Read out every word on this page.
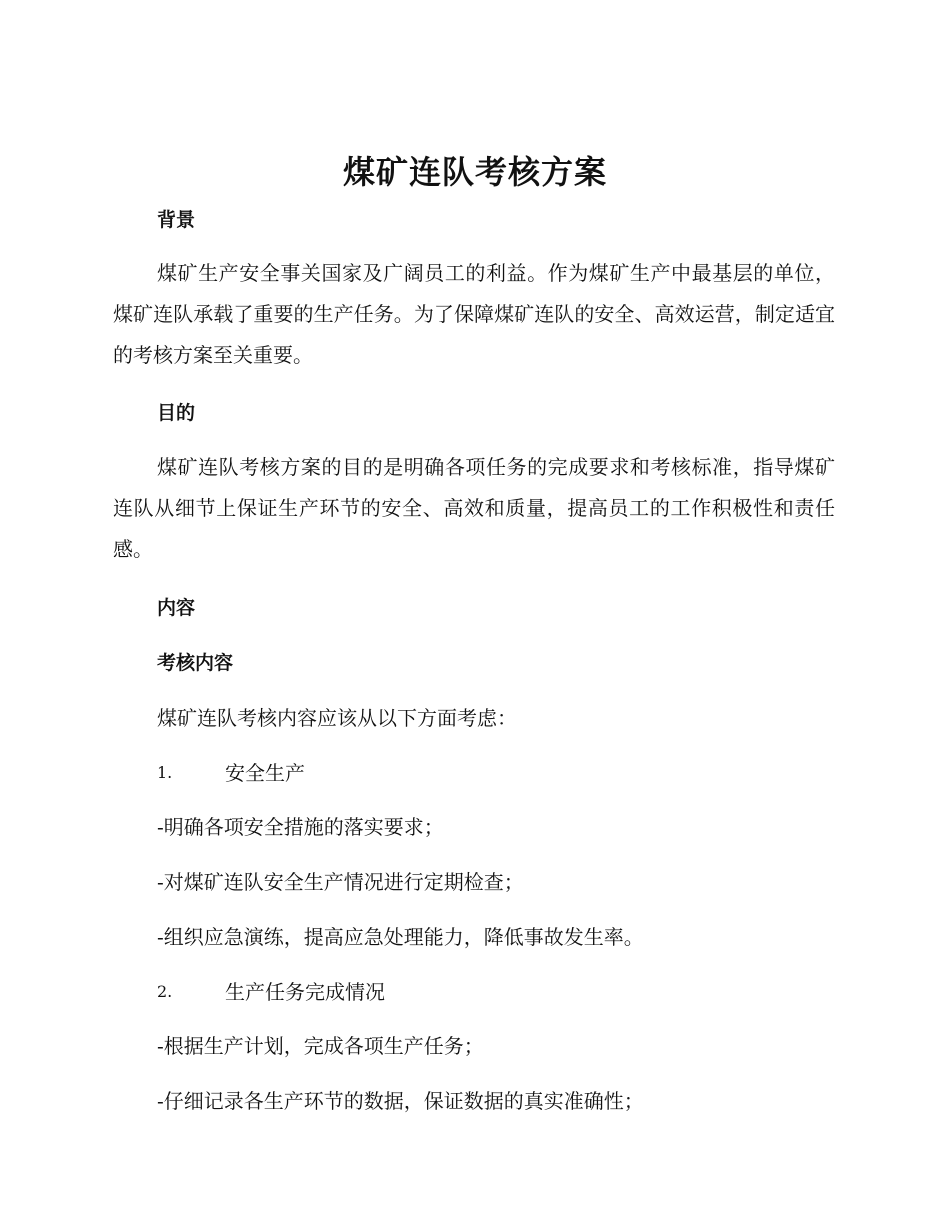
煤矿连队考核方案
背景

煤矿生产安全事关国家及广阔员工的利益。作为煤矿生产中最基层的单位，煤矿连队承载了重要的生产任务。为了保障煤矿连队的安全、高效运营，制定适宜的考核方案至关重要。

目的

煤矿连队考核方案的目的是明确各项任务的完成要求和考核标准，指导煤矿连队从细节上保证生产环节的安全、高效和质量，提高员工的工作积极性和责任感。

内容
考核内容

煤矿连队考核内容应该从以下方面考虑：

1.	安全生产

-明确各项安全措施的落实要求；

-对煤矿连队安全生产情况进行定期检查；

-组织应急演练，提高应急处理能力，降低事故发生率。

2.	生产任务完成情况

-根据生产计划，完成各项生产任务；

-仔细记录各生产环节的数据，保证数据的真实准确性；
